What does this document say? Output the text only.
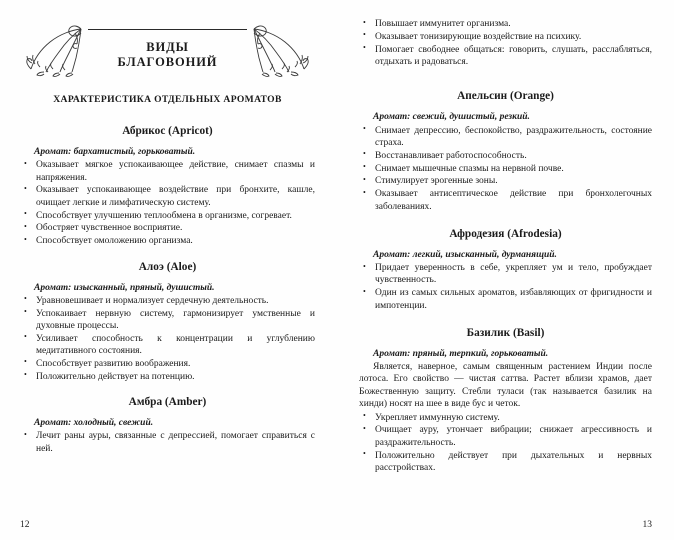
ВИДЫ
БЛАГОВОНИЙ
ХАРАКТЕРИСТИКА ОТДЕЛЬНЫХ АРОМАТОВ
Абрикос (Apricot)
Аромат: бархатистый, горьковатый.
• Оказывает мягкое успокаивающее действие, снимает спазмы и напряжения.
• Оказывает успокаивающее воздействие при бронхите, кашле, очищает легкие и лимфатическую систему.
• Способствует улучшению теплообмена в организме, согревает.
• Обостряет чувственное восприятие.
• Способствует омоложению организма.
Алоэ (Aloe)
Аромат: изысканный, пряный, душистый.
• Уравновешивает и нормализует сердечную деятельность.
• Успокаивает нервную систему, гармонизирует умственные и духовные процессы.
• Усиливает способность к концентрации и углублению медитативного состояния.
• Способствует развитию воображения.
• Положительно действует на потенцию.
Амбра (Amber)
Аромат: холодный, свежий.
• Лечит раны ауры, связанные с депрессией, помогает справиться с ней.
12
• Повышает иммунитет организма.
• Оказывает тонизирующие воздействие на психику.
• Помогает свободнее общаться: говорить, слушать, расслабляться, отдыхать и радоваться.
Апельсин (Orange)
Аромат: свежий, душистый, резкий.
• Снимает депрессию, беспокойство, раздражительность, состояние страха.
• Восстанавливает работоспособность.
• Снимает мышечные спазмы на нервной почве.
• Стимулирует эрогенные зоны.
• Оказывает антисептическое действие при бронхолегочных заболеваниях.
Афродезия (Afrodesia)
Аромат: легкий, изысканный, дурманящий.
• Придает уверенность в себе, укрепляет ум и тело, пробуждает чувственность.
• Один из самых сильных ароматов, избавляющих от фригидности и импотенции.
Базилик (Basil)
Аромат: пряный, терпкий, горьковатый.

Является, наверное, самым священным растением Индии после лотоса. Его свойство — чистая саттва. Растет вблизи храмов, дает Божественную защиту. Стебли туласи (так называется базилик на хинди) носят на шее в виде бус и четок.

• Укрепляет иммунную систему.
• Очищает ауру, утончает вибрации; снижает агрессивность и раздражительность.
• Положительно действует при дыхательных и нервных расстройствах.
13
